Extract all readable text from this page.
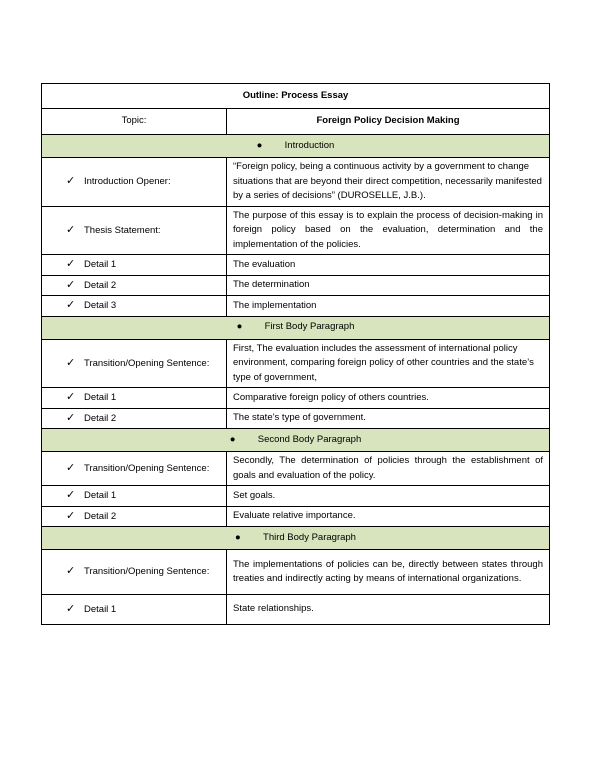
Outline: Process Essay	
Topic:	Foreign Policy Decision Making
● Introduction	
✓ Introduction Opener:	“Foreign policy, being a continuous activity by a government to change situations that are beyond their direct competition, necessarily manifested by a series of decisions” (DUROSELLE, J.B.).
✓ Thesis Statement:	The purpose of this essay is to explain the process of decision-making in foreign policy based on the evaluation, determination and the implementation of the policies.
✓ Detail 1	The evaluation
✓ Detail 2	The determination
✓ Detail 3	The implementation
● First Body Paragraph	
✓ Transition/Opening Sentence:	First, The evaluation includes the assessment of international policy environment, comparing foreign policy of other countries and the state’s type of government,
✓ Detail 1	Comparative foreign policy of others countries.
✓ Detail 2	The state’s type of government.
● Second Body Paragraph	
✓ Transition/Opening Sentence:	Secondly, The determination of policies through the establishment of goals and evaluation of the policy.
✓ Detail 1	Set goals.
✓ Detail 2	Evaluate relative importance.
● Third Body Paragraph	
✓ Transition/Opening Sentence:	The implementations of policies can be, directly between states through treaties and indirectly acting by means of international organizations.
✓ Detail 1	State relationships.
